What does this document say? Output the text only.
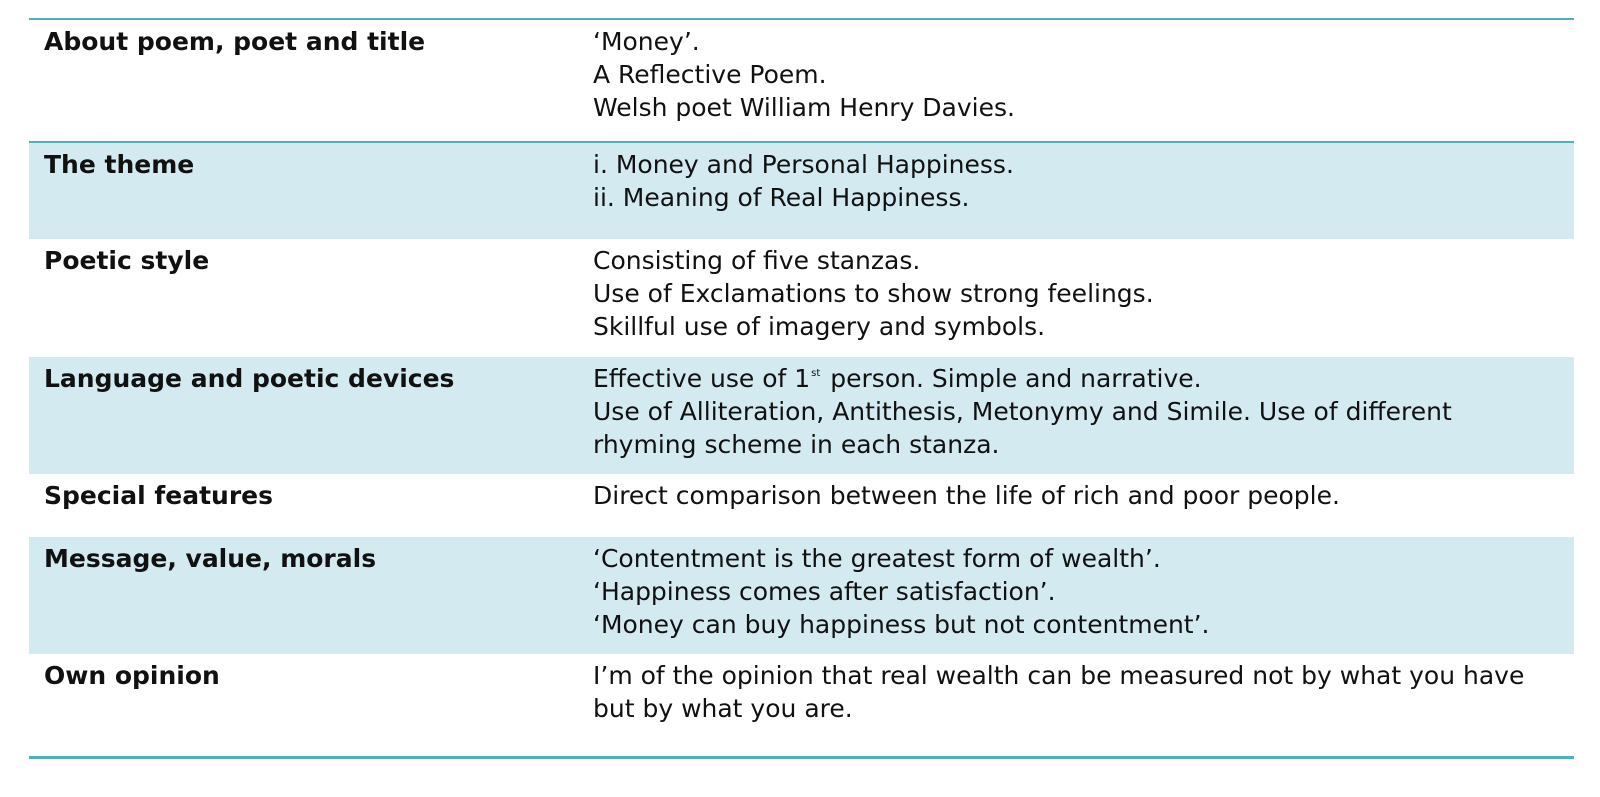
About poem, poet and title	‘Money’.
A Reflective Poem.
Welsh poet William Henry Davies.
The theme	i. Money and Personal Happiness.
ii. Meaning of Real Happiness.
Poetic style	Consisting of five stanzas.
Use of Exclamations to show strong feelings.
Skillful use of imagery and symbols.
Language and poetic devices	Effective use of 1st person. Simple and narrative.
Use of Alliteration, Antithesis, Metonymy and Simile. Use of different rhyming scheme in each stanza.
Special features	Direct comparison between the life of rich and poor people.
Message, value, morals	‘Contentment is the greatest form of wealth’.
‘Happiness comes after satisfaction’.
‘Money can buy happiness but not contentment’.
Own opinion	I’m of the opinion that real wealth can be measured not by what you have but by what you are.
